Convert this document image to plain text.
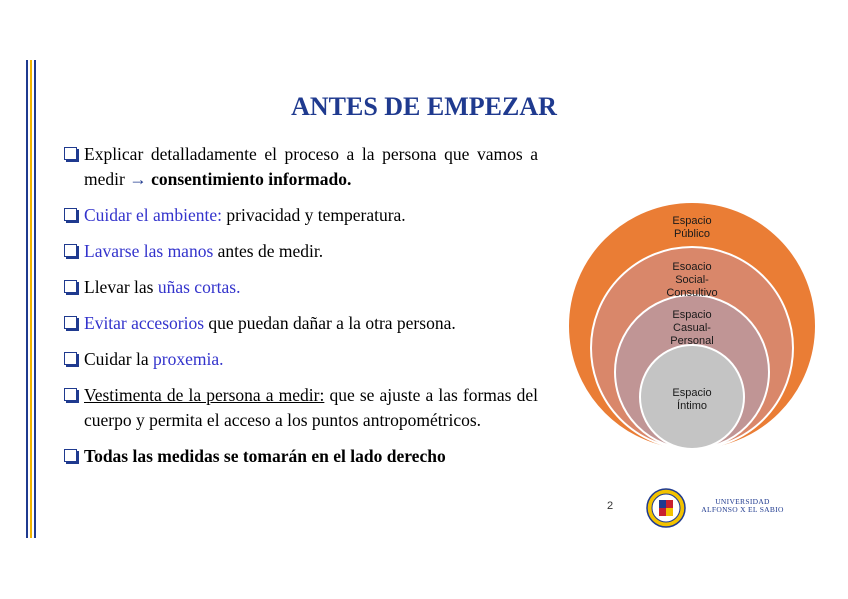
ANTES DE EMPEZAR
Explicar detalladamente el proceso a la persona que vamos a medir → consentimiento informado.
Cuidar el ambiente: privacidad y temperatura.
Lavarse las manos antes de medir.
Llevar las uñas cortas.
Evitar accesorios que puedan dañar a la otra persona.
Cuidar la proxemia.
Vestimenta de la persona a medir: que se ajuste a las formas del cuerpo y permita el acceso a los puntos antropométricos.
Todas las medidas se tomarán en el lado derecho
Espacio
Público
Esoacio
Social-
Consultivo
Espacio
Casual-
Personal
Espacio
Íntimo
2	UNIVERSIDAD
ALFONSO X EL SABIO
